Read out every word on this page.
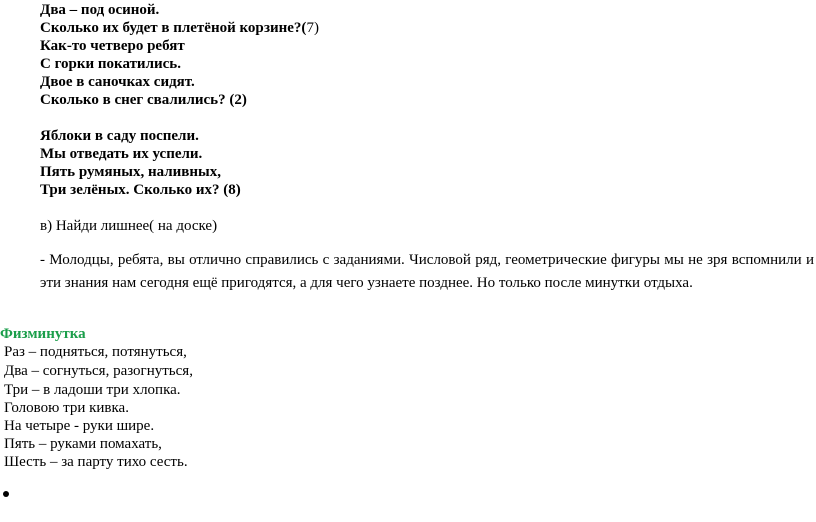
Два – под осиной.
Сколько их будет в плетёной корзине?(7)
Как-то четверо ребят
С горки покатились.
Двое в саночках сидят.
Сколько в снег свалились? (2)
Яблоки в саду поспели.
Мы отведать их успели.
Пять румяных, наливных,
Три зелёных. Сколько их? (8)
в) Найди лишнее( на доске)
- Молодцы, ребята, вы отлично справились с заданиями. Числовой ряд, геометрические фигуры мы не зря вспомнили и эти знания нам сегодня ещё пригодятся, а для чего узнаете позднее. Но только после минутки отдыха.
Физминутка
Раз – подняться, потянуться,
Два – согнуться, разогнуться,
Три – в ладоши три хлопка.
Головою три кивка.
На четыре - руки шире.
Пять – руками помахать,
Шесть – за парту тихо сесть.
